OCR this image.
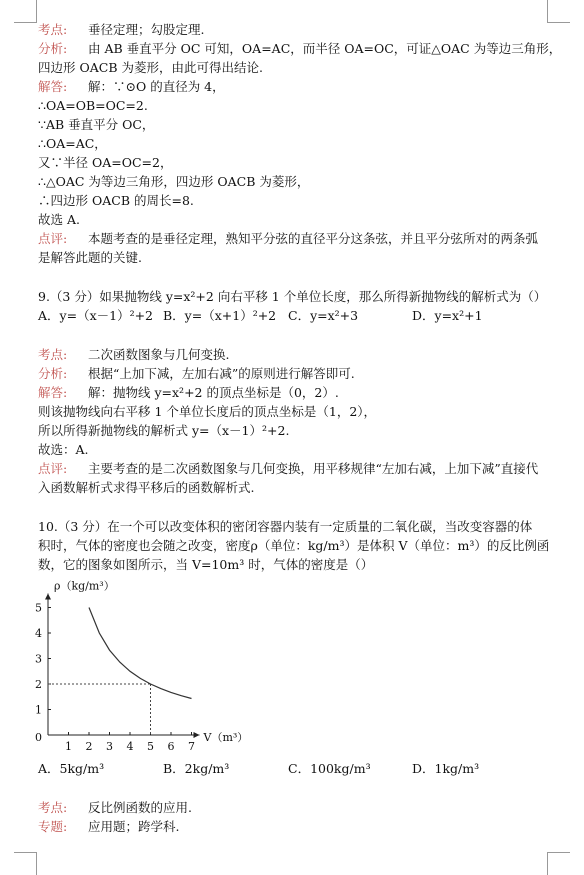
考点: 垂径定理；勾股定理.
分析: 由 AB 垂直平分 OC 可知，OA=AC，而半径 OA=OC，可证△OAC 为等边三角形，
四边形 OACB 为菱形，由此可得出结论.
解答: 解：∵⊙O 的直径为 4，
∴OA=OB=OC=2.
∵AB 垂直平分 OC，
∴OA=AC，
又∵半径 OA=OC=2，
∴△OAC 为等边三角形，四边形 OACB 为菱形，
∴四边形 OACB 的周长=8.
故选 A.
点评: 本题考查的是垂径定理，熟知平分弦的直径平分这条弦，并且平分弦所对的两条弧
是解答此题的关键.
9.（3 分）如果抛物线 y=x²+2 向右平移 1 个单位长度，那么所得新抛物线的解析式为（）
A．y=（x－1）²+2 B．y=（x+1）²+2 C．y=x²+3	D．y=x²+1
考点: 二次函数图象与几何变换.
分析: 根据“上加下减，左加右减”的原则进行解答即可.
解答: 解：抛物线 y=x²+2 的顶点坐标是（0，2）.
则该抛物线向右平移 1 个单位长度后的顶点坐标是（1，2），
所以所得新抛物线的解析式 y=（x－1）²+2.
故选：A.
点评: 主要考查的是二次函数图象与几何变换，用平移规律“左加右减，上加下减”直接代
入函数解析式求得平移后的函数解析式.
10.（3 分）在一个可以改变体积的密闭容器内装有一定质量的二氧化碳，当改变容器的体
积时，气体的密度也会随之改变，密度ρ（单位：kg/m³）是体积 V（单位：m³）的反比例函
数，它的图象如图所示，当 V=10m³ 时，气体的密度是（）
1 2 3 4 5 6 7
1
2
3
4
5
0
ρ（kg/m³）
V（m³）
A．5kg/m³	B．2kg/m³	C．100kg/m³	D．1kg/m³
考点: 反比例函数的应用.
专题: 应用题；跨学科.
